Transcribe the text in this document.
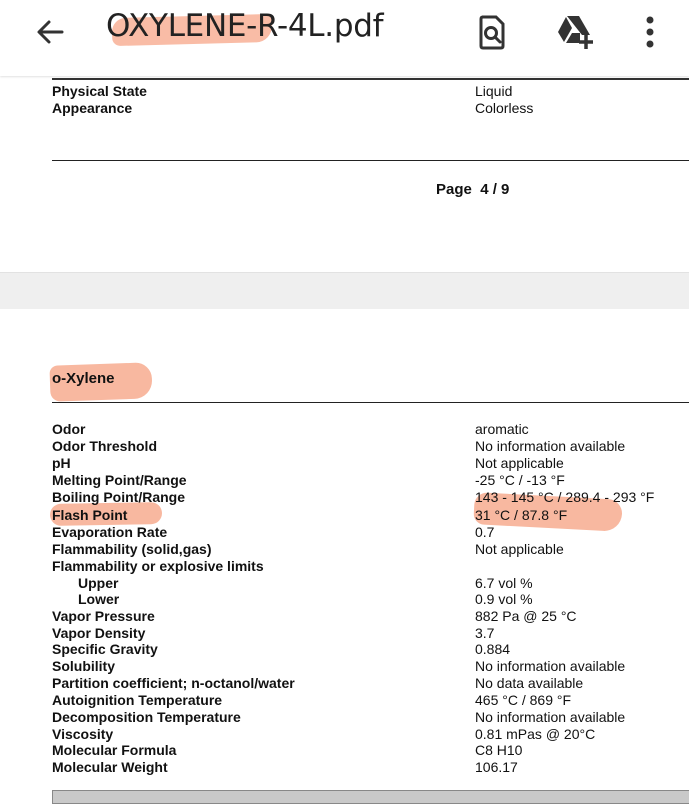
OXYLENE-R-4L.pdf
Physical State	Liquid
Appearance	Colorless
Page 4 / 9
o-Xylene
Odor	aromatic
Odor Threshold	No information available
pH	Not applicable
Melting Point/Range	-25 °C / -13 °F
Boiling Point/Range	143 - 145 °C / 289.4 - 293 °F
Flash Point	31 °C / 87.8 °F
Evaporation Rate	0.7
Flammability (solid,gas)	Not applicable
Flammability or explosive limits
Upper	6.7 vol %
Lower	0.9 vol %
Vapor Pressure	882 Pa @ 25 °C
Vapor Density	3.7
Specific Gravity	0.884
Solubility	No information available
Partition coefficient; n-octanol/water	No data available
Autoignition Temperature	465 °C / 869 °F
Decomposition Temperature	No information available
Viscosity	0.81 mPas @ 20°C
Molecular Formula	C8 H10
Molecular Weight	106.17
